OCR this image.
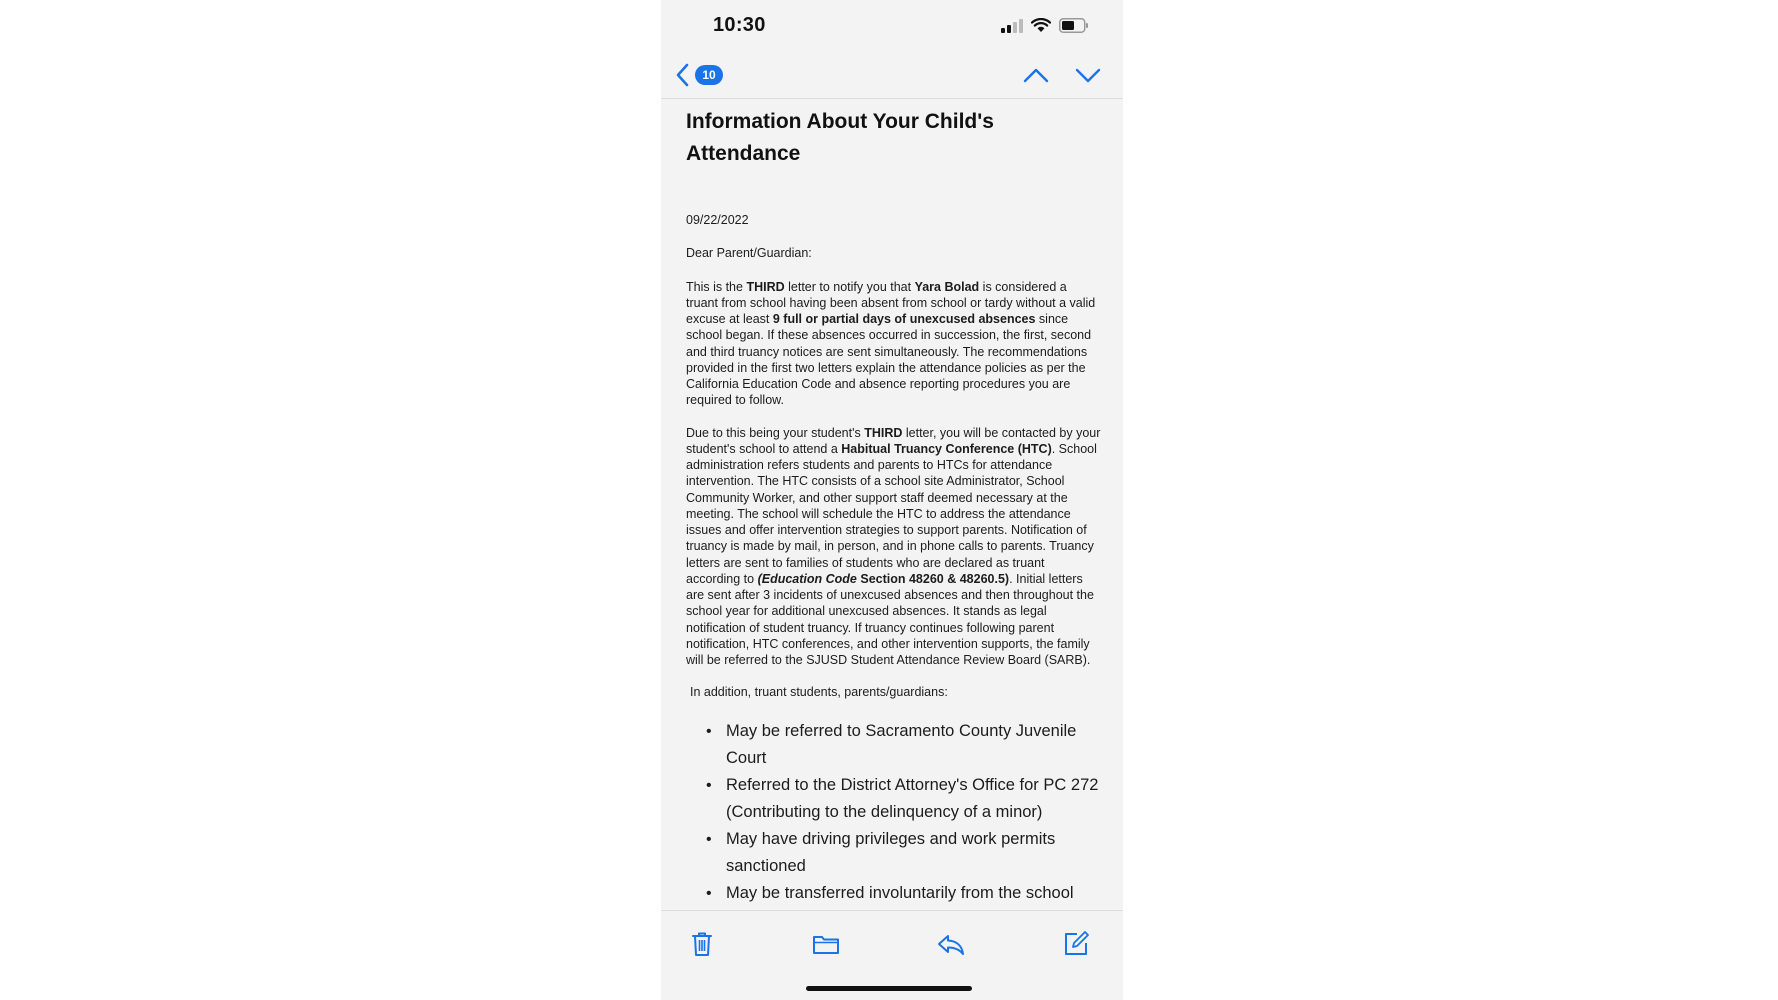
10:30
10
Information About Your Child's Attendance
09/22/2022
Dear Parent/Guardian:

This is the THIRD letter to notify you that Yara Bolad is considered a truant from school having been absent from school or tardy without a valid excuse at least 9 full or partial days of unexcused absences since school began. If these absences occurred in succession, the first, second and third truancy notices are sent simultaneously. The recommendations provided in the first two letters explain the attendance policies as per the California Education Code and absence reporting procedures you are required to follow.

Due to this being your student's THIRD letter, you will be contacted by your student's school to attend a Habitual Truancy Conference (HTC). School administration refers students and parents to HTCs for attendance intervention. The HTC consists of a school site Administrator, School Community Worker, and other support staff deemed necessary at the meeting. The school will schedule the HTC to address the attendance issues and offer intervention strategies to support parents. Notification of truancy is made by mail, in person, and in phone calls to parents. Truancy letters are sent to families of students who are declared as truant according to (Education Code Section 48260 & 48260.5). Initial letters are sent after 3 incidents of unexcused absences and then throughout the school year for additional unexcused absences. It stands as legal notification of student truancy. If truancy continues following parent notification, HTC conferences, and other intervention supports, the family will be referred to the SJUSD Student Attendance Review Board (SARB).

In addition, truant students, parents/guardians:

• May be referred to Sacramento County Juvenile Court
• Referred to the District Attorney's Office for PC 272 (Contributing to the delinquency of a minor)
• May have driving privileges and work permits sanctioned
• May be transferred involuntarily from the school
